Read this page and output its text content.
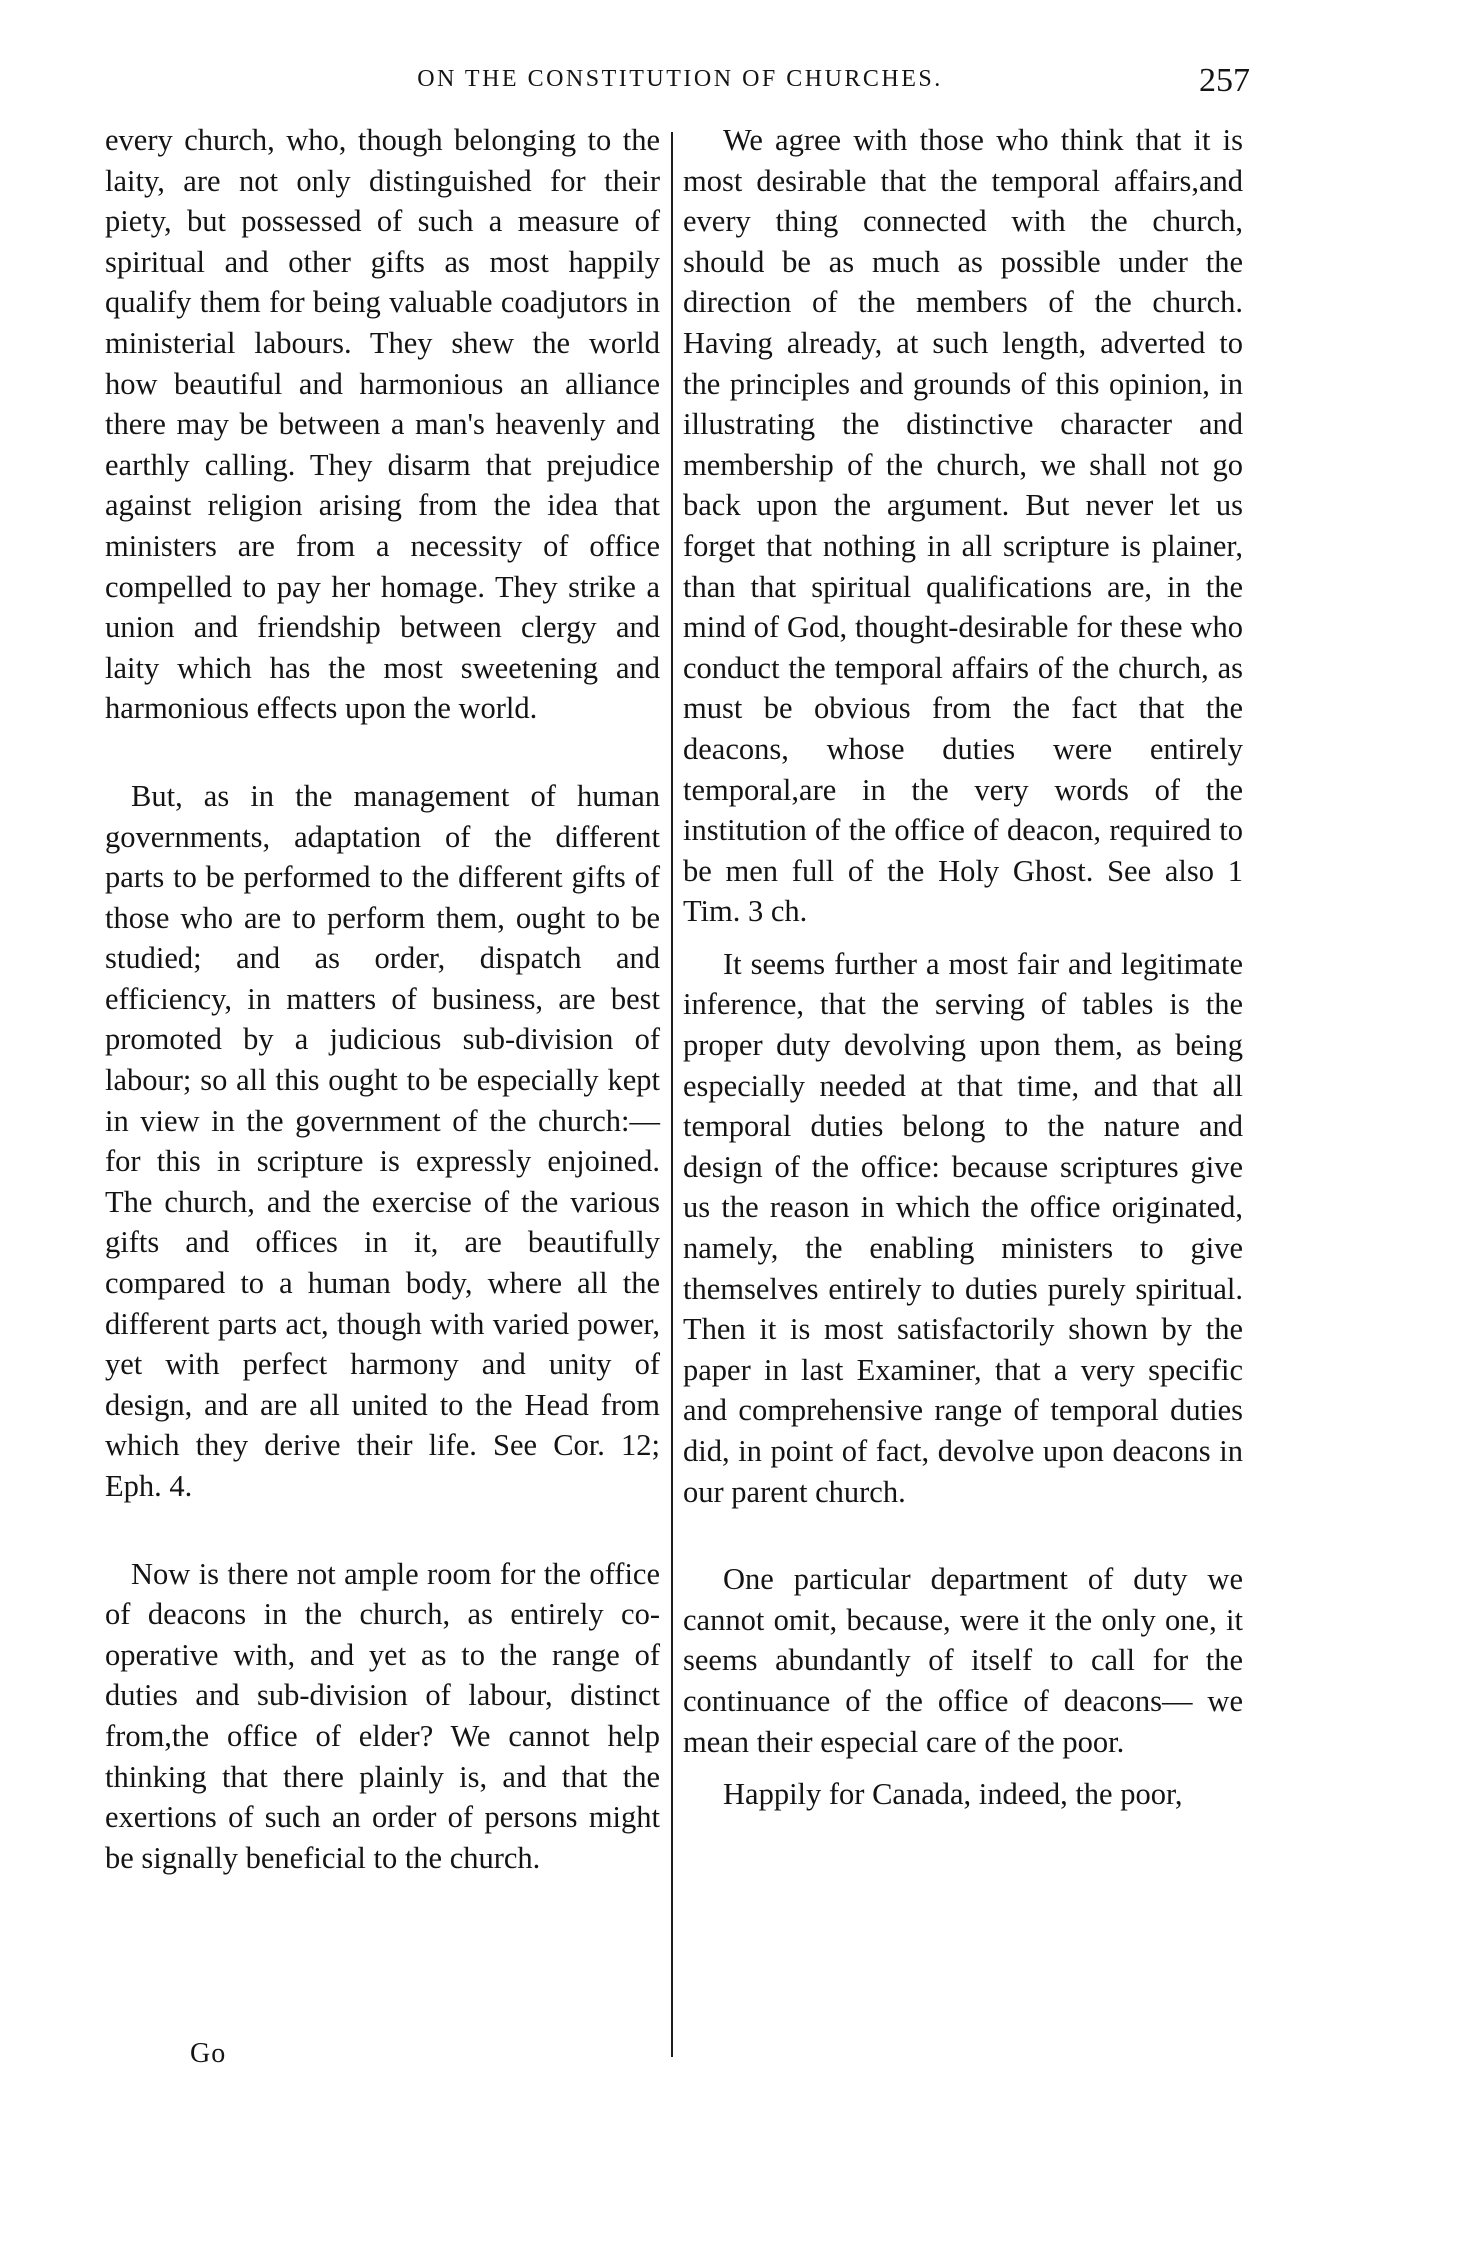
ON THE CONSTITUTION OF CHURCHES.	257

every church, who, though belonging to the laity, are not only distinguished for their piety, but possessed of such a measure of spiritual and other gifts as most happily qualify them for being valuable coadjutors in ministerial labours. They shew the world how beautiful and harmonious an alliance there may be between a man's heavenly and earthly calling. They disarm that prejudice against religion arising from the idea that ministers are from a necessity of office compelled to pay her homage. They strike a union and friendship between clergy and laity which has the most sweetening and harmonious effects upon the world.

But, as in the management of human governments, adaptation of the different parts to be performed to the different gifts of those who are to perform them, ought to be studied; and as order, dispatch and efficiency, in matters of business, are best promoted by a judicious sub-division of labour; so all this ought to be especially kept in view in the government of the church:—for this in scripture is expressly enjoined. The church, and the exercise of the various gifts and offices in it, are beautifully compared to a human body, where all the different parts act, though with varied power, yet with perfect harmony and unity of design, and are all united to the Head from which they derive their life. See Cor. 12; Eph. 4.

Now is there not ample room for the office of deacons in the church, as entirely co-operative with, and yet as to the range of duties and sub-division of labour, distinct from,the office of elder? We cannot help thinking that there plainly is, and that the exertions of such an order of persons might be signally beneficial to the church.

Go

We agree with those who think that it is most desirable that the temporal affairs,and every thing connected with the church, should be as much as possible under the direction of the members of the church. Having already, at such length, adverted to the principles and grounds of this opinion, in illustrating the distinctive character and membership of the church, we shall not go back upon the argument. But never let us forget that nothing in all scripture is plainer, than that spiritual qualifications are, in the mind of God, thought-desirable for these who conduct the temporal affairs of the church, as must be obvious from the fact that the deacons, whose duties were entirely temporal,are in the very words of the institution of the office of deacon, required to be men full of the Holy Ghost. See also 1 Tim. 3 ch.

It seems further a most fair and legitimate inference, that the serving of tables is the proper duty devolving upon them, as being especially needed at that time, and that all temporal duties belong to the nature and design of the office: because scriptures give us the reason in which the office originated, namely, the enabling ministers to give themselves entirely to duties purely spiritual. Then it is most satisfactorily shown by the paper in last Examiner, that a very specific and comprehensive range of temporal duties did, in point of fact, devolve upon deacons in our parent church.

One particular department of duty we cannot omit, because, were it the only one, it seems abundantly of itself to call for the continuance of the office of deacons— we mean their especial care of the poor.

Happily for Canada, indeed, the poor,
